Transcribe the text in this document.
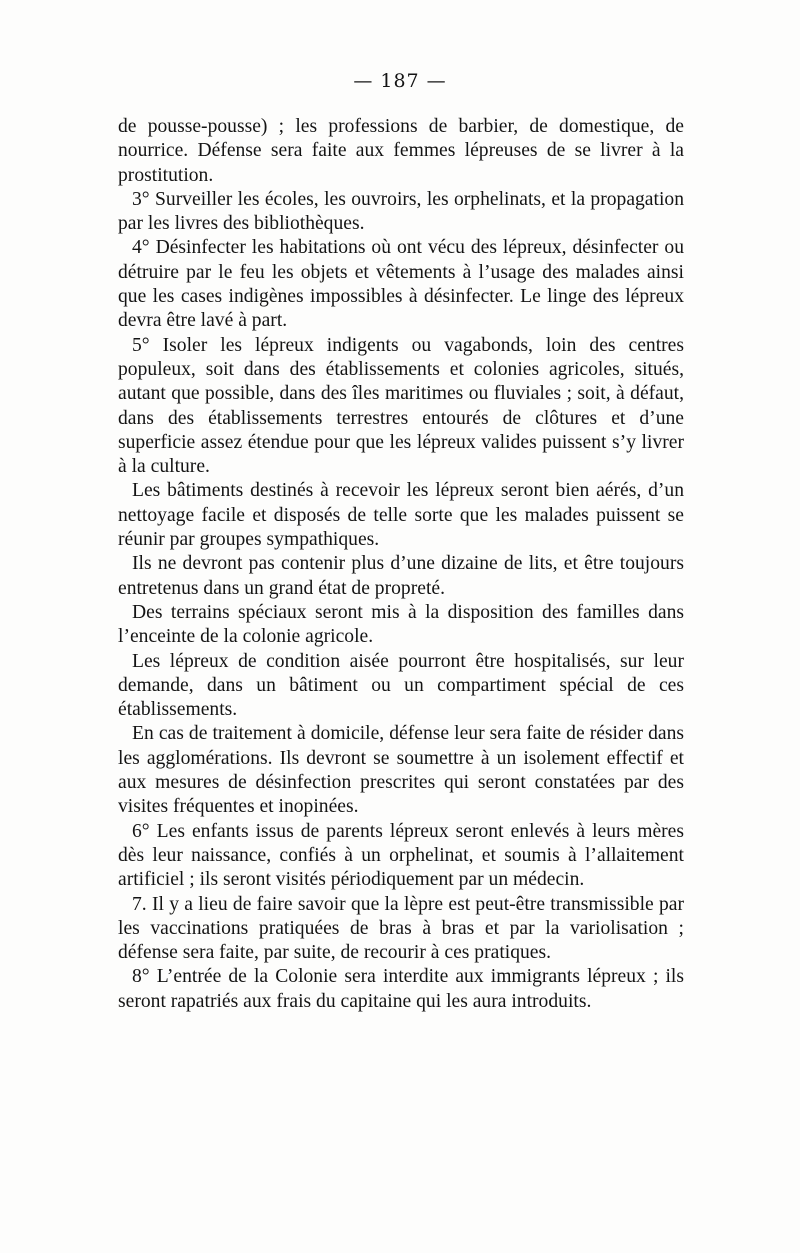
— 187 —

de pousse-pousse) ; les professions de barbier, de domestique, de nourrice. Défense sera faite aux femmes lépreuses de se livrer à la prostitution.

3° Surveiller les écoles, les ouvroirs, les orphelinats, et la propagation par les livres des bibliothèques.

4° Désinfecter les habitations où ont vécu des lépreux, désinfecter ou détruire par le feu les objets et vêtements à l’usage des malades ainsi que les cases indigènes impossibles à désinfecter. Le linge des lépreux devra être lavé à part.

5° Isoler les lépreux indigents ou vagabonds, loin des centres populeux, soit dans des établissements et colonies agricoles, situés, autant que possible, dans des îles maritimes ou fluviales ; soit, à défaut, dans des établissements terrestres entourés de clôtures et d’une superficie assez étendue pour que les lépreux valides puissent s’y livrer à la culture.

Les bâtiments destinés à recevoir les lépreux seront bien aérés, d’un nettoyage facile et disposés de telle sorte que les malades puissent se réunir par groupes sympathiques.

Ils ne devront pas contenir plus d’une dizaine de lits, et être toujours entretenus dans un grand état de propreté.

Des terrains spéciaux seront mis à la disposition des familles dans l’enceinte de la colonie agricole.

Les lépreux de condition aisée pourront être hospitalisés, sur leur demande, dans un bâtiment ou un compartiment spécial de ces établissements.

En cas de traitement à domicile, défense leur sera faite de résider dans les agglomérations. Ils devront se soumettre à un isolement effectif et aux mesures de désinfection prescrites qui seront constatées par des visites fréquentes et inopinées.

6° Les enfants issus de parents lépreux seront enlevés à leurs mères dès leur naissance, confiés à un orphelinat, et soumis à l’allaitement artificiel ; ils seront visités périodiquement par un médecin.

7. Il y a lieu de faire savoir que la lèpre est peut-être transmissible par les vaccinations pratiquées de bras à bras et par la variolisation ; défense sera faite, par suite, de recourir à ces pratiques.

8° L’entrée de la Colonie sera interdite aux immigrants lépreux ; ils seront rapatriés aux frais du capitaine qui les aura introduits.
